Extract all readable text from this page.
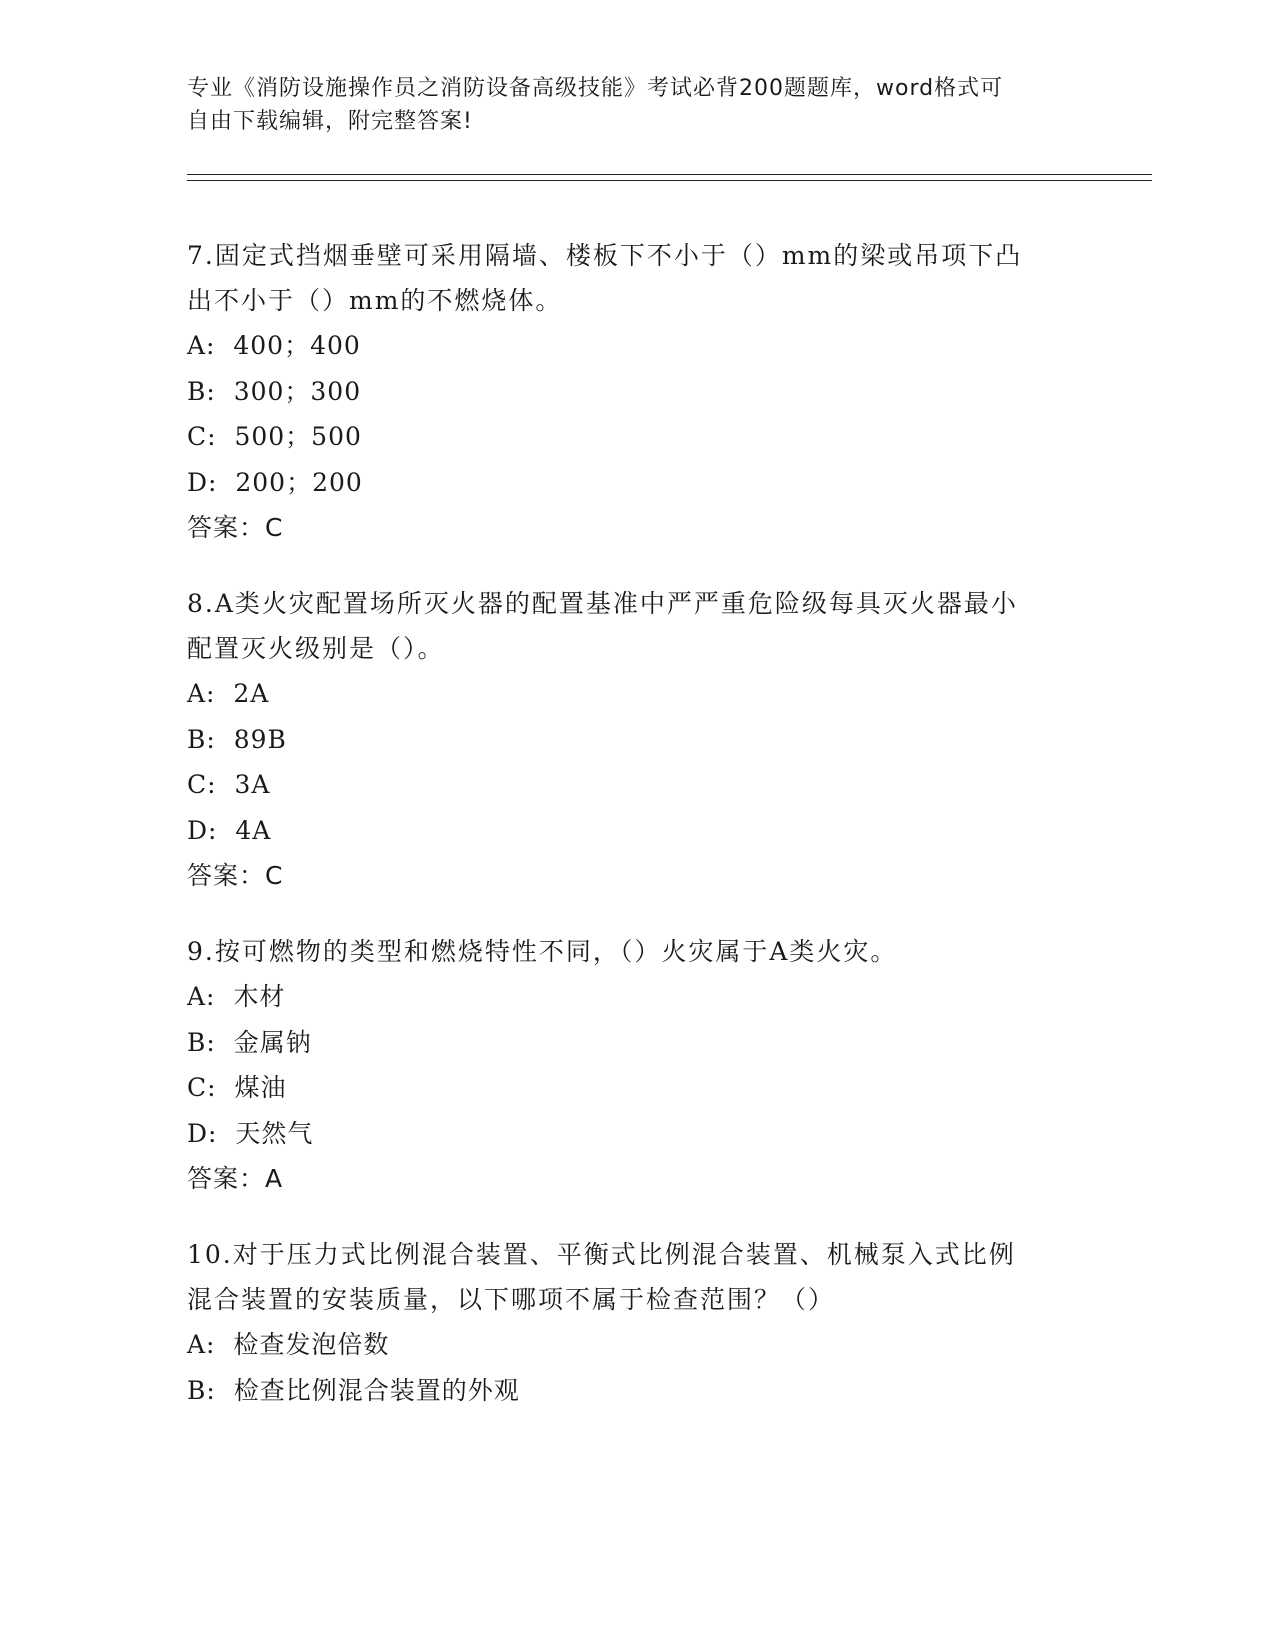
专业《消防设施操作员之消防设备高级技能》考试必背200题题库，word格式可
自由下载编辑，附完整答案!
7.固定式挡烟垂壁可采用隔墙、楼板下不小于（）mm的梁或吊项下凸
出不小于（）mm的不燃烧体。
A:  400；400
B:  300；300
C:  500；500
D:  200；200
答案：C
8.A类火灾配置场所灭火器的配置基准中严严重危险级每具灭火器最小
配置灭火级别是（）。
A:  2A
B:  89B
C:  3A
D:  4A
答案：C
9.按可燃物的类型和燃烧特性不同，（）火灾属于A类火灾。
A:  木材
B:  金属钠
C:  煤油
D:  天然气
答案：A
10.对于压力式比例混合装置、平衡式比例混合装置、机械泵入式比例
混合装置的安装质量，以下哪项不属于检查范围？（）
A:  检查发泡倍数
B:  检查比例混合装置的外观
